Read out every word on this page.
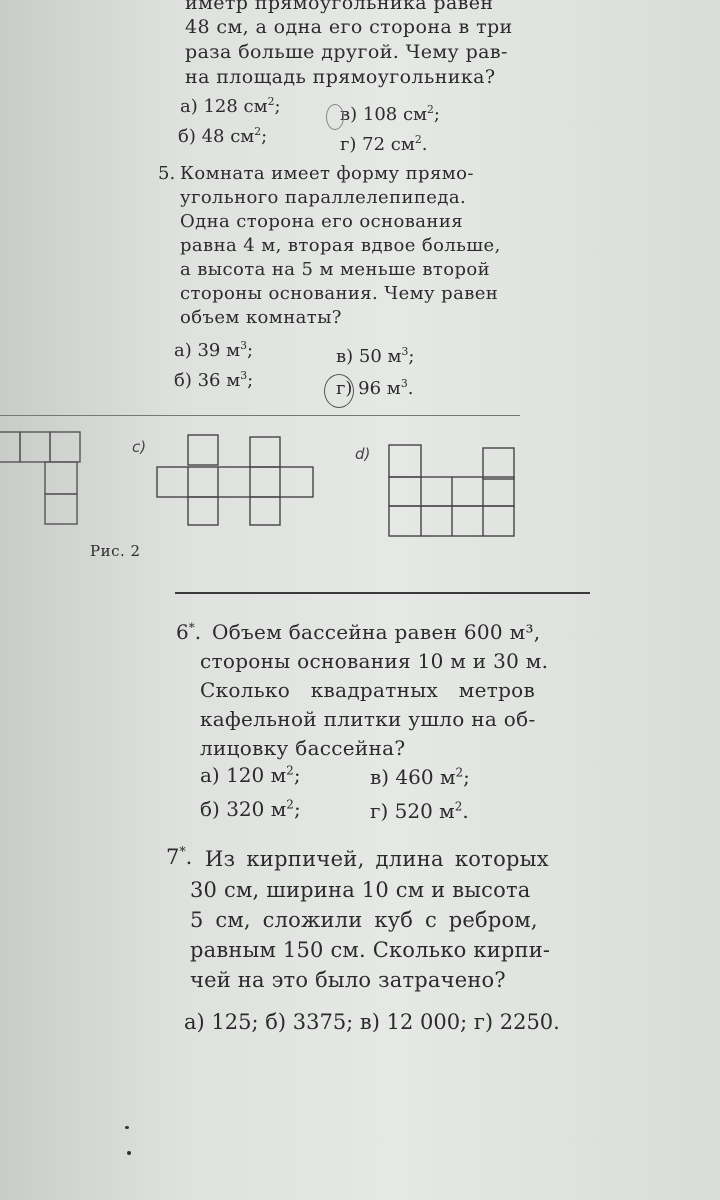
иметр прямоугольника равен
48 см, а одна его сторона в три
раза больше другой. Чему рав-
на площадь прямоугольника?
а) 128 $см^2$;	в) 108 $см^2$;
б) 48 $см^2$;	г) 72 $см^2$.
5. Комната имеет форму прямо-
угольного параллелепипеда.
Одна сторона его основания
равна 4 м, вторая вдвое больше,
а высота на 5 м меньше второй
стороны основания. Чему равен
объем комнаты?
а) 39 $м^3$;	в) 50 $м^3$;
б) 36 $м^3$;	г) 96 $м^3$.
c)	d)
Рис. 2
6*. Объем бассейна равен 600 м³,
стороны основания 10 м и 30 м.
Сколько квадратных метров
кафельной плитки ушло на об-
лицовку бассейна?
а) 120 $м^2$;	в) 460 $м^2$;
б) 320 $м^2$;	г) 520 $м^2$.
7*. Из кирпичей, длина которых
30 см, ширина 10 см и высота
5 см, сложили куб с ребром,
равным 150 см. Сколько кирпи-
чей на это было затрачено?
а) 125; б) 3375; в) 12 000; г) 2250.
